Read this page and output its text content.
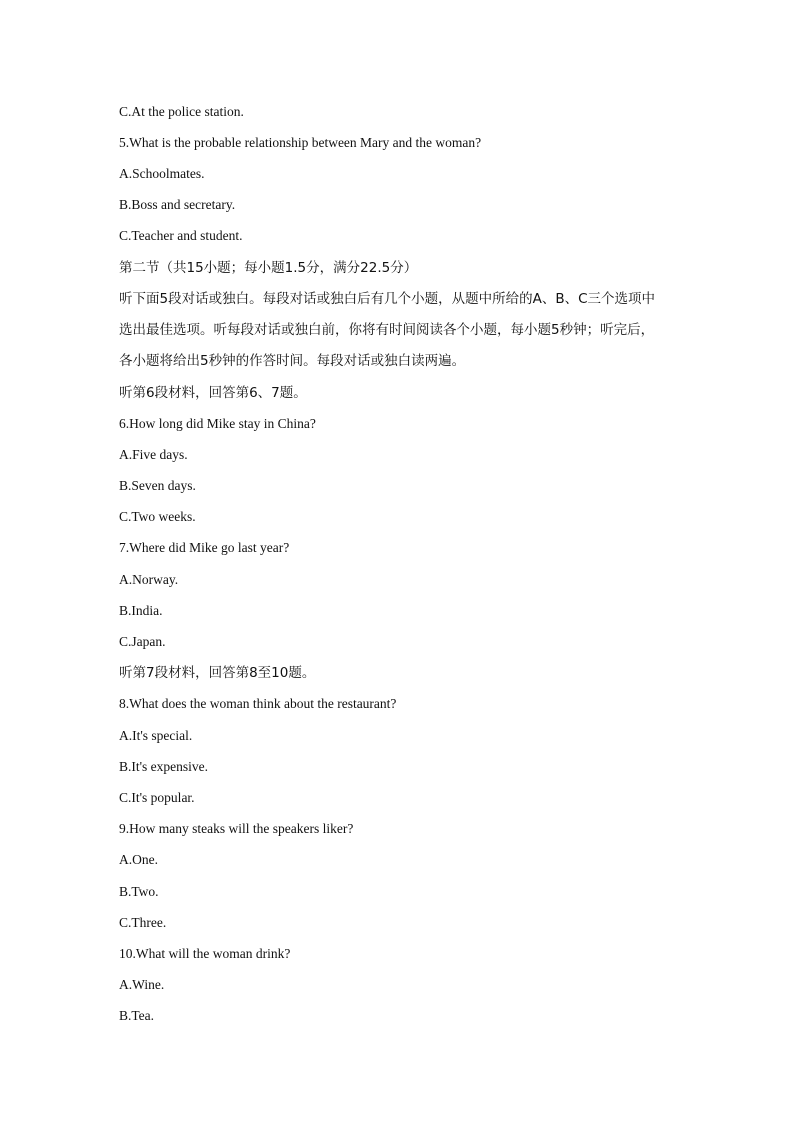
C.At the police station.
5.What is the probable relationship between Mary and the woman?
A.Schoolmates.
B.Boss and secretary.
C.Teacher and student.
第二节（共15小题；每小题1.5分，满分22.5分）
听下面5段对话或独白。每段对话或独白后有几个小题，从题中所给的A、B、C三个选项中
选出最佳选项。听每段对话或独白前，你将有时间阅读各个小题，每小题5秒钟；听完后，
各小题将给出5秒钟的作答时间。每段对话或独白读两遍。
听第6段材料，回答第6、7题。
6.How long did Mike stay in China?
A.Five days.
B.Seven days.
C.Two weeks.
7.Where did Mike go last year?
A.Norway.
B.India.
C.Japan.
听第7段材料，回答第8至10题。
8.What does the woman think about the restaurant?
A.It's special.
B.It's expensive.
C.It's popular.
9.How many steaks will the speakers liker?
A.One.
B.Two.
C.Three.
10.What will the woman drink?
A.Wine.
B.Tea.
